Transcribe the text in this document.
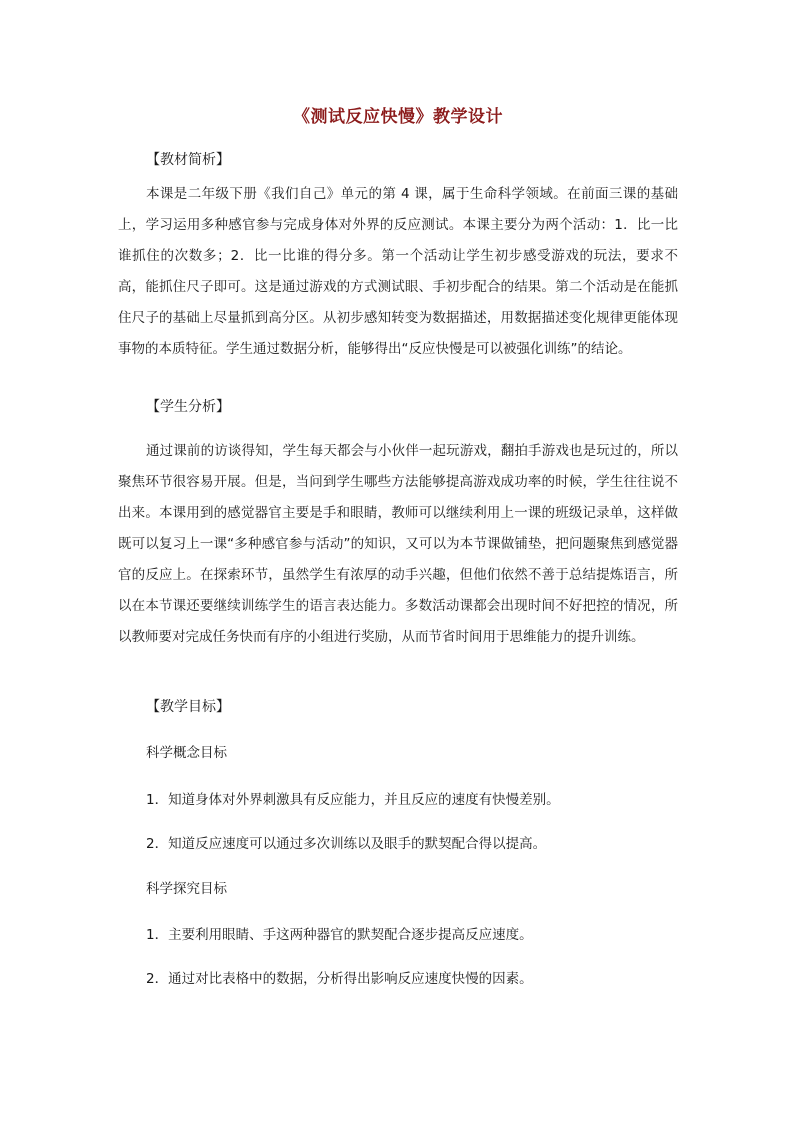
《测试反应快慢》教学设计
【教材简析】
本课是二年级下册《我们自己》单元的第 4 课，属于生命科学领域。在前面三课的基础上，学习运用多种感官参与完成身体对外界的反应测试。本课主要分为两个活动：1．比一比谁抓住的次数多；2．比一比谁的得分多。第一个活动让学生初步感受游戏的玩法，要求不高，能抓住尺子即可。这是通过游戏的方式测试眼、手初步配合的结果。第二个活动是在能抓住尺子的基础上尽量抓到高分区。从初步感知转变为数据描述，用数据描述变化规律更能体现事物的本质特征。学生通过数据分析，能够得出“反应快慢是可以被强化训练”的结论。
【学生分析】
通过课前的访谈得知，学生每天都会与小伙伴一起玩游戏，翻拍手游戏也是玩过的，所以聚焦环节很容易开展。但是，当问到学生哪些方法能够提高游戏成功率的时候，学生往往说不出来。本课用到的感觉器官主要是手和眼睛，教师可以继续利用上一课的班级记录单，这样做既可以复习上一课“多种感官参与活动”的知识，又可以为本节课做铺垫，把问题聚焦到感觉器官的反应上。在探索环节，虽然学生有浓厚的动手兴趣，但他们依然不善于总结提炼语言，所以在本节课还要继续训练学生的语言表达能力。多数活动课都会出现时间不好把控的情况，所以教师要对完成任务快而有序的小组进行奖励，从而节省时间用于思维能力的提升训练。
【教学目标】
科学概念目标
1．知道身体对外界刺激具有反应能力，并且反应的速度有快慢差别。
2．知道反应速度可以通过多次训练以及眼手的默契配合得以提高。
科学探究目标
1．主要利用眼睛、手这两种器官的默契配合逐步提高反应速度。
2．通过对比表格中的数据，分析得出影响反应速度快慢的因素。
